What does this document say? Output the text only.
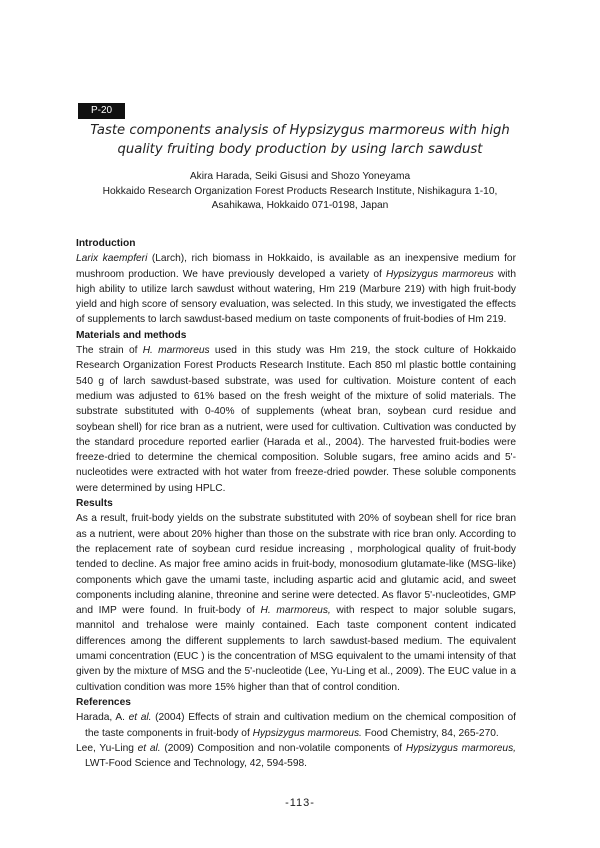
P-20
Taste components analysis of Hypsizygus marmoreus with high
quality fruiting body production by using larch sawdust
Akira Harada, Seiki Gisusi and Shozo Yoneyama
Hokkaido Research Organization Forest Products Research Institute, Nishikagura 1-10,
Asahikawa, Hokkaido 071-0198, Japan
Introduction

Larix kaempferi (Larch), rich biomass in Hokkaido, is available as an inexpensive medium for mushroom production. We have previously developed a variety of Hypsizygus marmoreus with high ability to utilize larch sawdust without watering, Hm 219 (Marbure 219) with high fruit-body yield and high score of sensory evaluation, was selected. In this study, we investigated the effects of supplements to larch sawdust-based medium on taste components of fruit-bodies of Hm 219.

Materials and methods

The strain of H. marmoreus used in this study was Hm 219, the stock culture of Hokkaido Research Organization Forest Products Research Institute. Each 850 ml plastic bottle containing 540 g of larch sawdust-based substrate, was used for cultivation. Moisture content of each medium was adjusted to 61% based on the fresh weight of the mixture of solid materials. The substrate substituted with 0-40% of supplements (wheat bran, soybean curd residue and soybean shell) for rice bran as a nutrient, were used for cultivation. Cultivation was conducted by the standard procedure reported earlier (Harada et al., 2004). The harvested fruit-bodies were freeze-dried to determine the chemical composition. Soluble sugars, free amino acids and 5'-nucleotides were extracted with hot water from freeze-dried powder. These soluble components were determined by using HPLC.

Results

As a result, fruit-body yields on the substrate substituted with 20% of soybean shell for rice bran as a nutrient, were about 20% higher than those on the substrate with rice bran only. According to the replacement rate of soybean curd residue increasing , morphological quality of fruit-body tended to decline. As major free amino acids in fruit-body, monosodium glutamate-like (MSG-like) components which gave the umami taste, including aspartic acid and glutamic acid, and sweet components including alanine, threonine and serine were detected. As flavor 5'-nucleotides, GMP and IMP were found. In fruit-body of H. marmoreus, with respect to major soluble sugars, mannitol and trehalose were mainly contained. Each taste component content indicated differences among the different supplements to larch sawdust-based medium. The equivalent umami concentration (EUC ) is the concentration of MSG equivalent to the umami intensity of that given by the mixture of MSG and the 5'-nucleotide (Lee, Yu-Ling et al., 2009). The EUC value in a cultivation condition was more 15% higher than that of control condition.

References

Harada, A. et al. (2004) Effects of strain and cultivation medium on the chemical composition of the taste components in fruit-body of Hypsizygus marmoreus. Food Chemistry, 84, 265-270.

Lee, Yu-Ling et al. (2009) Composition and non-volatile components of Hypsizygus marmoreus, LWT-Food Science and Technology, 42, 594-598.

-113-
